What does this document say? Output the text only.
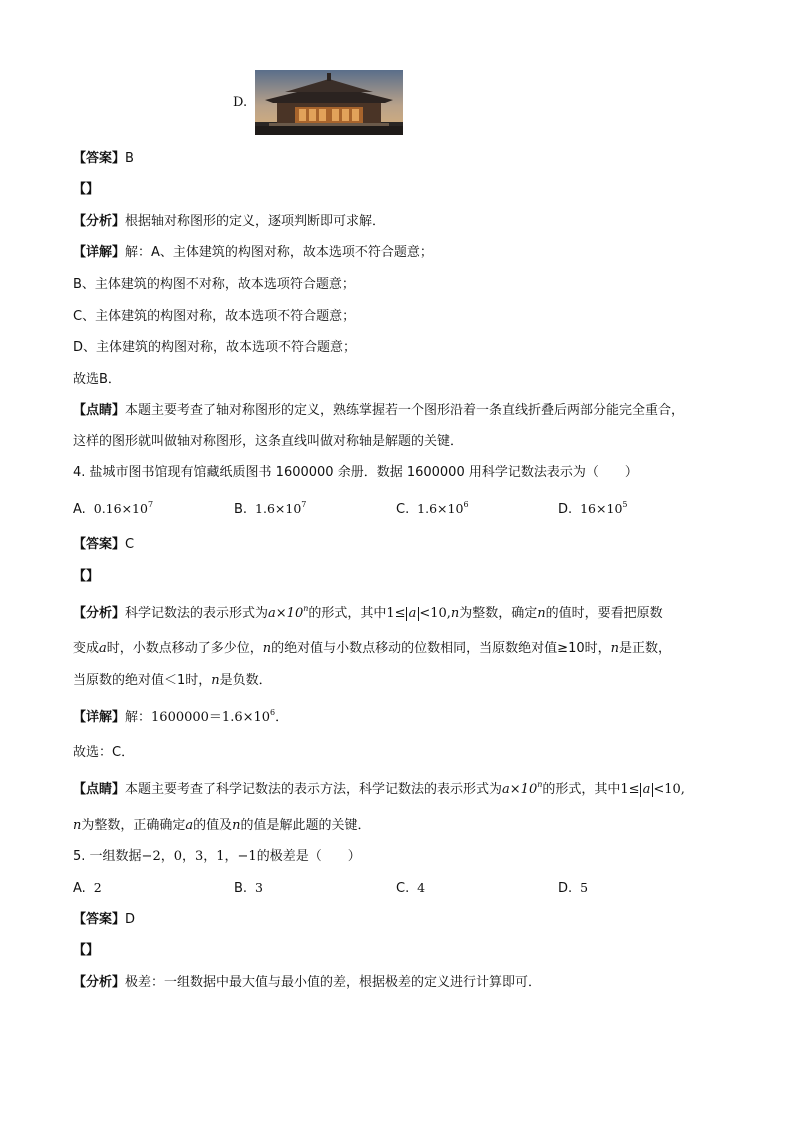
D.
【答案】B
【】
【分析】根据轴对称图形的定义，逐项判断即可求解．
【详解】解：A、主体建筑的构图对称，故本选项不符合题意；
B、主体建筑的构图不对称，故本选项符合题意；
C、主体建筑的构图对称，故本选项不符合题意；
D、主体建筑的构图对称，故本选项不符合题意；
故选B．
【点睛】本题主要考查了轴对称图形的定义，熟练掌握若一个图形沿着一条直线折叠后两部分能完全重合，
这样的图形就叫做轴对称图形，这条直线叫做对称轴是解题的关键．
4. 盐城市图书馆现有馆藏纸质图书 1600000 余册．数据 1600000 用科学记数法表示为（　　）
A. $0.16\times 10^7$	B. $1.6\times 10^7$	C. $1.6\times 10^6$	D. $16\times 10^5$
【答案】C
【】
【分析】科学记数法的表示形式为$a\times 10^n$的形式，其中1≤ a <10,n为整数，确定n的值时，要看把原数
变成a时，小数点移动了多少位，n的绝对值与小数点移动的位数相同，当原数绝对值≥10时，n是正数，
当原数的绝对值＜1时，n是负数．
【详解】解：$1600000=1.6\times 10^6$．
故选：C．
【点睛】本题主要考查了科学记数法的表示方法，科学记数法的表示形式为$a\times 10^n$的形式，其中1≤ a <10,
n为整数，正确确定a的值及n的值是解此题的关键．
5. 一组数据−2，0，3，1，−1的极差是（　　）
A. 2	B. 3	C. 4	D. 5
【答案】D
【】
【分析】极差：一组数据中最大值与最小值的差，根据极差的定义进行计算即可．
